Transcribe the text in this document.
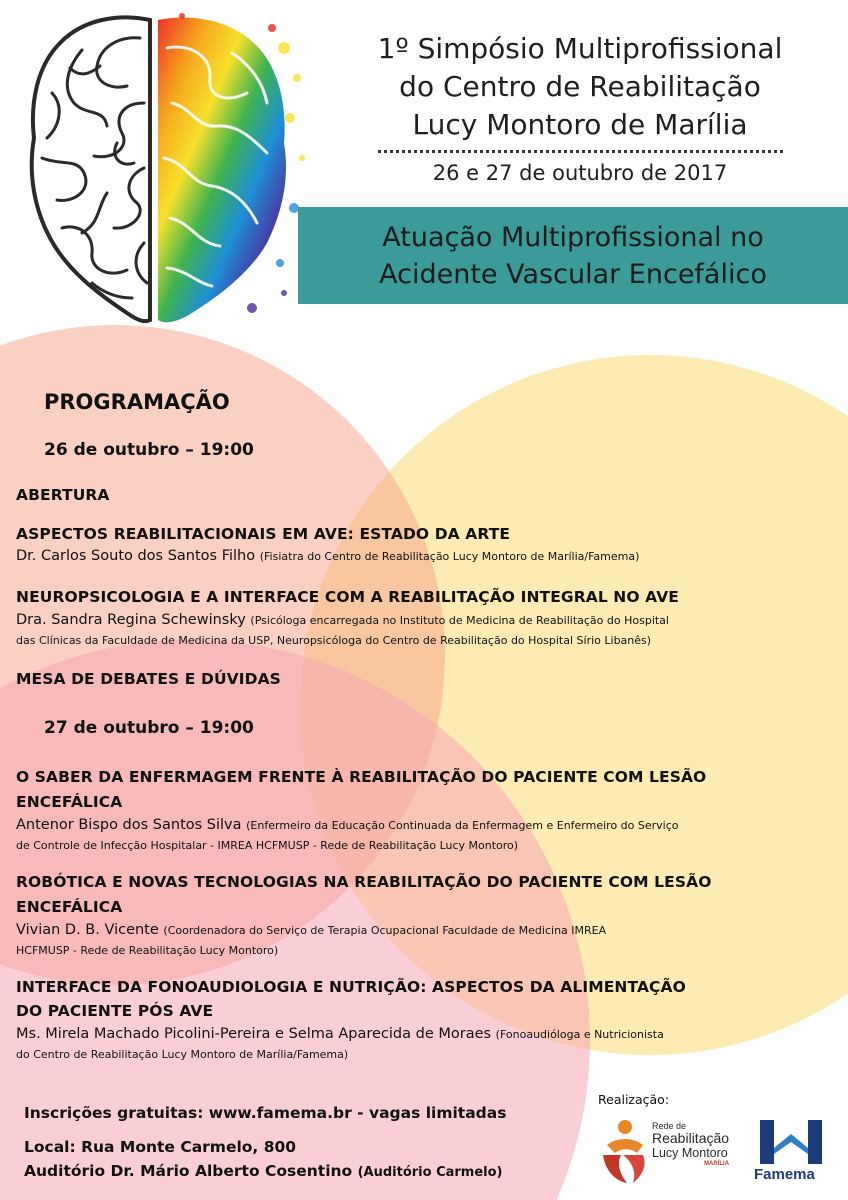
1º Simpósio Multiprofissional
do Centro de Reabilitação
Lucy Montoro de Marília
26 e 27 de outubro de 2017
Atuação Multiprofissional no
Acidente Vascular Encefálico
PROGRAMAÇÃO
26 de outubro – 19:00
ABERTURA
ASPECTOS REABILITACIONAIS EM AVE: ESTADO DA ARTE
Dr. Carlos Souto dos Santos Filho (Fisiatra do Centro de Reabilitação Lucy Montoro de Marília/Famema)
NEUROPSICOLOGIA E A INTERFACE COM A REABILITAÇÃO INTEGRAL NO AVE
Dra. Sandra Regina Schewinsky (Psicóloga encarregada no Instituto de Medicina de Reabilitação do Hospital
das Clínicas da Faculdade de Medicina da USP, Neuropsicóloga do Centro de Reabilitação do Hospital Sírio Libanês)
MESA DE DEBATES E DÚVIDAS
27 de outubro – 19:00
O SABER DA ENFERMAGEM FRENTE À REABILITAÇÃO DO PACIENTE COM LESÃO
ENCEFÁLICA
Antenor Bispo dos Santos Silva (Enfermeiro da Educação Continuada da Enfermagem e Enfermeiro do Serviço
de Controle de Infecção Hospitalar - IMREA HCFMUSP - Rede de Reabilitação Lucy Montoro)
ROBÓTICA E NOVAS TECNOLOGIAS NA REABILITAÇÃO DO PACIENTE COM LESÃO
ENCEFÁLICA
Vivian D. B. Vicente (Coordenadora do Serviço de Terapia Ocupacional Faculdade de Medicina IMREA
HCFMUSP - Rede de Reabilitação Lucy Montoro)
INTERFACE DA FONOAUDIOLOGIA E NUTRIÇÃO: ASPECTOS DA ALIMENTAÇÃO
DO PACIENTE PÓS AVE
Ms. Mirela Machado Picolini-Pereira e Selma Aparecida de Moraes (Fonoaudióloga e Nutricionista
do Centro de Reabilitação Lucy Montoro de Marília/Famema)
Inscrições gratuitas: www.famema.br - vagas limitadas
Local: Rua Monte Carmelo, 800
Auditório Dr. Mário Alberto Cosentino (Auditório Carmelo)
Realização:
Rede de
Reabilitação
Lucy Montoro
MARÍLIA
Famema
